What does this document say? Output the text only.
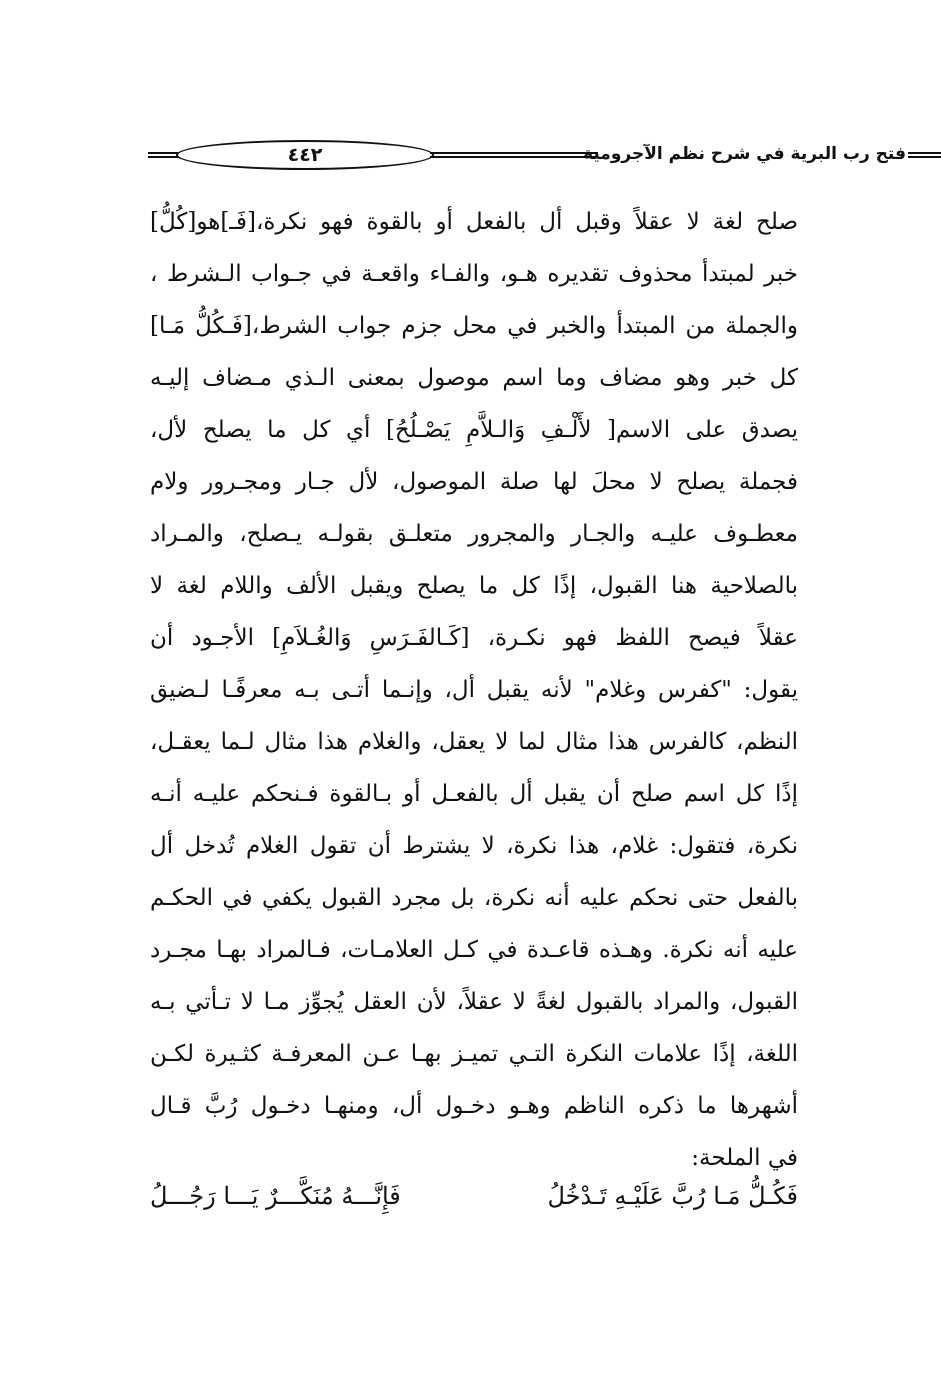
٤٤٢	فتح رب البرية في شرح نظم الآجرومية
صلح لغة لا عقلاً وقبل أل بالفعل أو بالقوة فهو نكرة،[فَـ]هو[كُلُّ]
خبر لمبتدأ محذوف تقديره هـو، والفـاء واقعـة في جـواب الـشرط ،
والجملة من المبتدأ والخبر في محل جزم جواب الشرط،[فَـكُلُّ مَـا]
كل خبر وهو مضاف وما اسم موصول بمعنى الـذي مـضاف إليـه
يصدق على الاسم[ لأَلْـفِ وَالـلاَّمِ يَصْـلُحُ] أي كل ما يصلح لأل،
فجملة يصلح لا محلَ لها صلة الموصول، لأل جـار ومجـرور ولام
معطـوف عليـه والجـار والمجرور متعلـق بقولـه يـصلح، والمـراد
بالصلاحية هنا القبول، إذًا كل ما يصلح ويقبل الألف واللام لغة لا
عقلاً فيصح اللفظ فهو نكـرة، [كَـالفَـرَسِ وَالغُـلاَمِ] الأجـود أن
يقول: "كفرس وغلام" لأنه يقبل أل، وإنـما أتـى بـه معرفًـا لـضيق
النظم، كالفرس هذا مثال لما لا يعقل، والغلام هذا مثال لـما يعقـل،
إذًا كل اسم صلح أن يقبل أل بالفعـل أو بـالقوة فـنحكم عليـه أنـه
نكرة، فتقول: غلام، هذا نكرة، لا يشترط أن تقول الغلام تُدخل أل
بالفعل حتى نحكم عليه أنه نكرة، بل مجرد القبول يكفي في الحكـم
عليه أنه نكرة. وهـذه قاعـدة في كـل العلامـات، فـالمراد بهـا مجـرد
القبول، والمراد بالقبول لغةً لا عقلاً، لأن العقل يُجوِّز مـا لا تـأتي بـه
اللغة، إذًا علامات النكرة التـي تميـز بهـا عـن المعرفـة كثـيرة لكـن
أشهرها ما ذكره الناظم وهـو دخـول أل، ومنهـا دخـول رُبَّ قـال
في الملحة:
فَكُـلُّ مَـا رُبَّ عَلَيْـهِ تَـدْخُلُ
فَإِنَّـــهُ مُنَكَّـــرٌ يَـــا رَجُـــلُ
